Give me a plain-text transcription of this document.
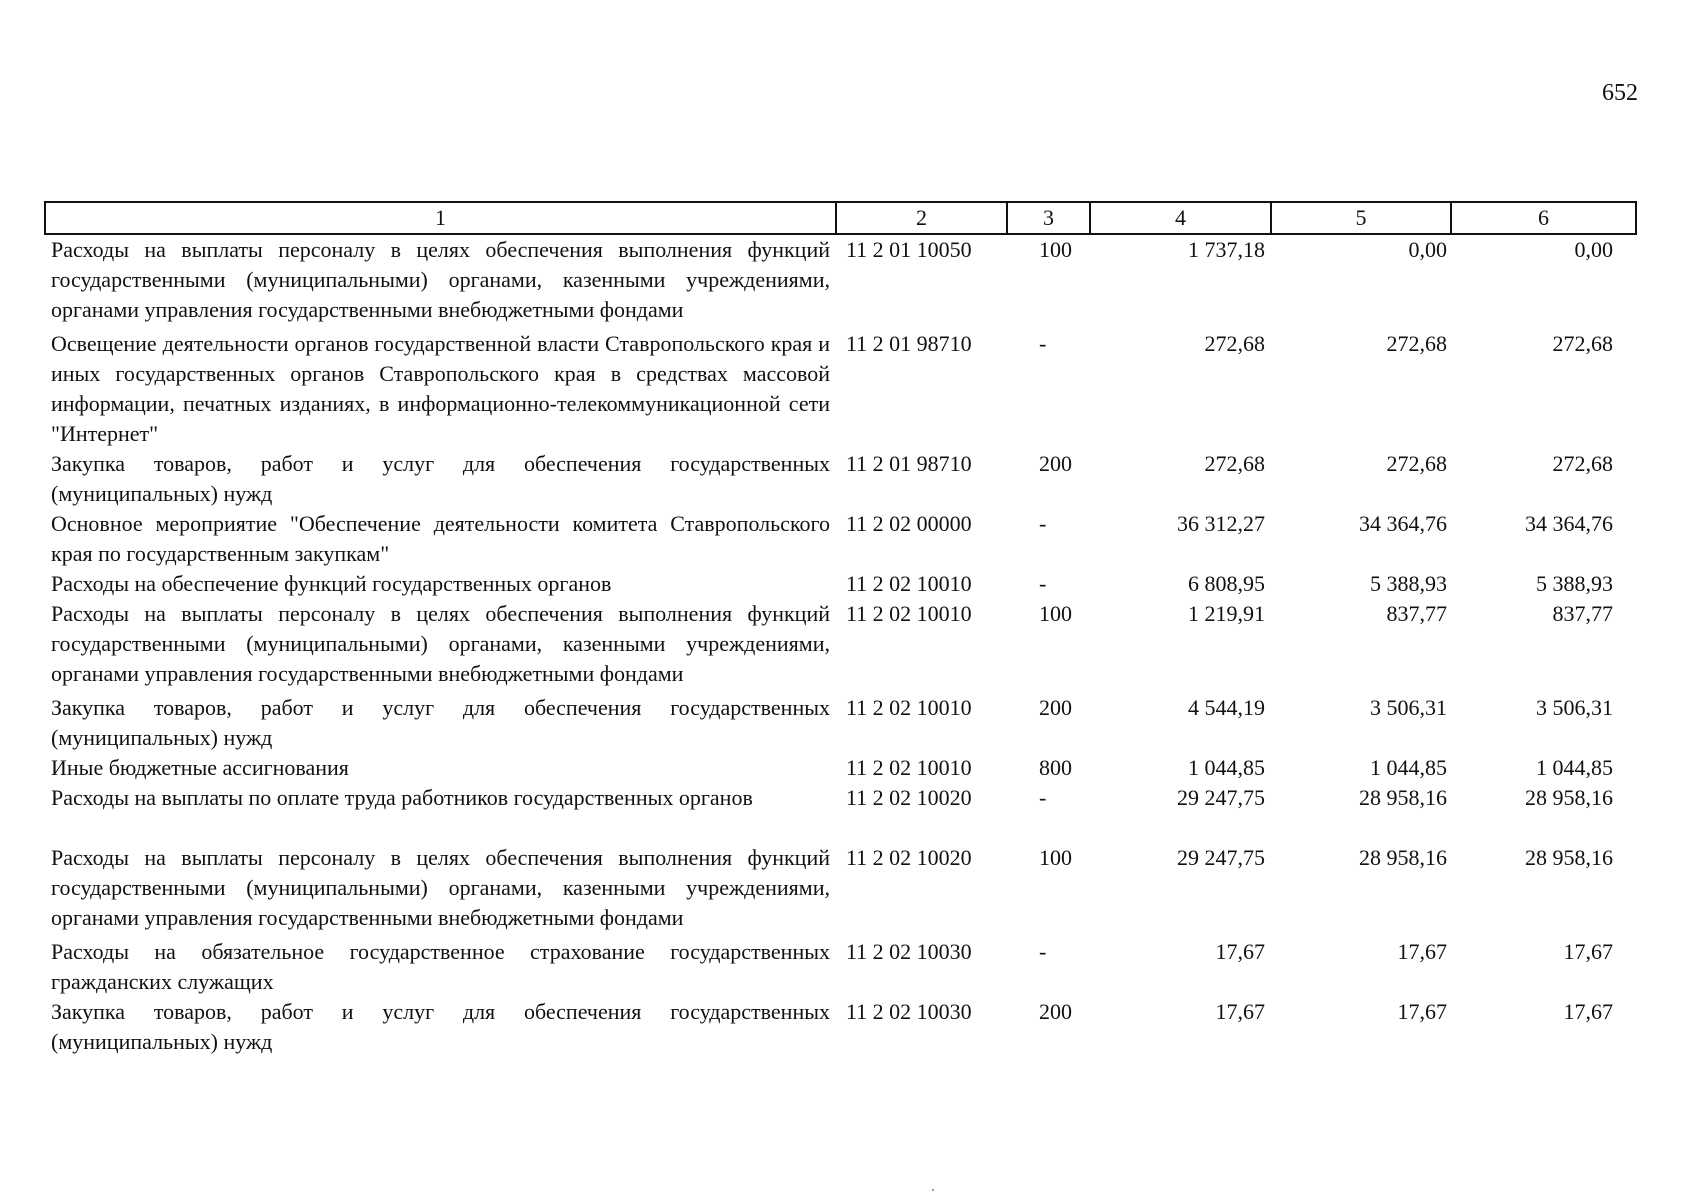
652
1	2	3	4	5	6
Расходы на выплаты персоналу в целях обеспечения выполнения функций государственными (муниципальными) органами, казенными учреждениями, органами управления государственными внебюджетными фондами	11 2 01 10050	100	1 737,18	0,00	0,00
Освещение деятельности органов государственной власти Ставропольского края и иных государственных органов Ставропольского края в средствах массовой информации, печатных изданиях, в информационно-телекоммуникационной сети "Интернет"	11 2 01 98710	-	272,68	272,68	272,68
Закупка товаров, работ и услуг для обеспечения государственных (муниципальных) нужд	11 2 01 98710	200	272,68	272,68	272,68
Основное мероприятие "Обеспечение деятельности комитета Ставропольского края по государственным закупкам"	11 2 02 00000	-	36 312,27	34 364,76	34 364,76
Расходы на обеспечение функций государственных органов	11 2 02 10010	-	6 808,95	5 388,93	5 388,93
Расходы на выплаты персоналу в целях обеспечения выполнения функций государственными (муниципальными) органами, казенными учреждениями, органами управления государственными внебюджетными фондами	11 2 02 10010	100	1 219,91	837,77	837,77
Закупка товаров, работ и услуг для обеспечения государственных (муниципальных) нужд	11 2 02 10010	200	4 544,19	3 506,31	3 506,31
Иные бюджетные ассигнования	11 2 02 10010	800	1 044,85	1 044,85	1 044,85
Расходы на выплаты по оплате труда работников государственных органов	11 2 02 10020	-	29 247,75	28 958,16	28 958,16
Расходы на выплаты персоналу в целях обеспечения выполнения функций государственными (муниципальными) органами, казенными учреждениями, органами управления государственными внебюджетными фондами	11 2 02 10020	100	29 247,75	28 958,16	28 958,16
Расходы на обязательное государственное страхование государственных гражданских служащих	11 2 02 10030	-	17,67	17,67	17,67
Закупка товаров, работ и услуг для обеспечения государственных (муниципальных) нужд	11 2 02 10030	200	17,67	17,67	17,67
